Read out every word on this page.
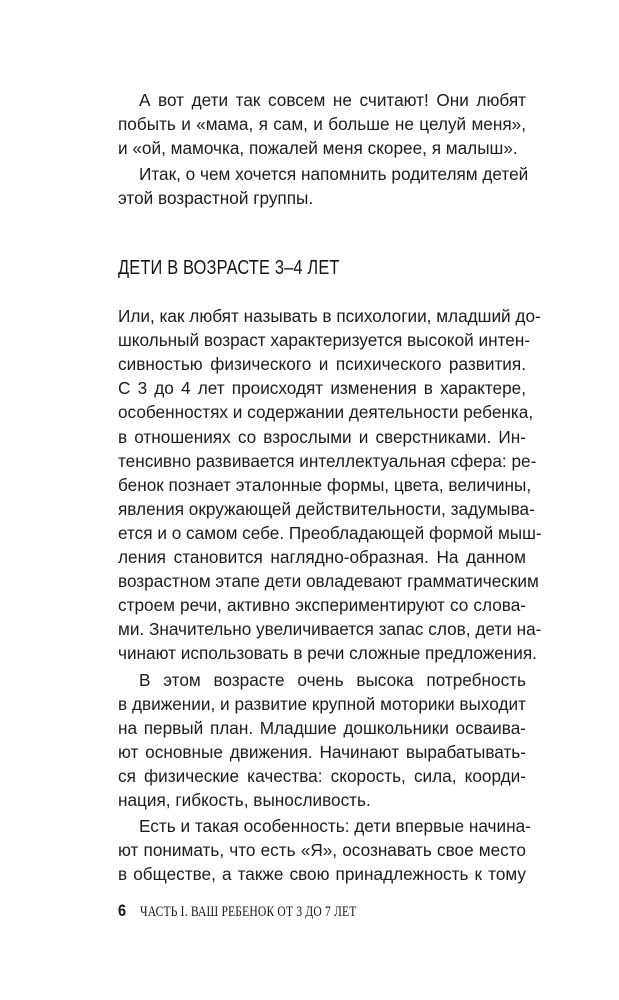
А вот дети так совсем не считают! Они любят
побыть и «мама, я сам, и больше не целуй меня»,
и «ой, мамочка, пожалей меня скорее, я малыш».
Итак, о чем хочется напомнить родителям детей
этой возрастной группы.
ДЕТИ В ВОЗРАСТЕ 3–4 ЛЕТ
Или, как любят называть в психологии, младший до-
школьный возраст характеризуется высокой интен-
сивностью физического и психического развития.
С 3 до 4 лет происходят изменения в характере,
особенностях и содержании деятельности ребенка,
в отношениях со взрослыми и сверстниками. Ин-
тенсивно развивается интеллектуальная сфера: ре-
бенок познает эталонные формы, цвета, величины,
явления окружающей действительности, задумыва-
ется и о самом себе. Преобладающей формой мыш-
ления становится наглядно-образная. На данном
возрастном этапе дети овладевают грамматическим
строем речи, активно экспериментируют со слова-
ми. Значительно увеличивается запас слов, дети на-
чинают использовать в речи сложные предложения.
В этом возрасте очень высока потребность
в движении, и развитие крупной моторики выходит
на первый план. Младшие дошкольники осваива-
ют основные движения. Начинают вырабатывать-
ся физические качества: скорость, сила, коорди-
нация, гибкость, выносливость.
Есть и такая особенность: дети впервые начина-
ют понимать, что есть «Я», осознавать свое место
в обществе, а также свою принадлежность к тому
6 ЧАСТЬ I. ВАШ РЕБЕНОК ОТ 3 ДО 7 ЛЕТ
